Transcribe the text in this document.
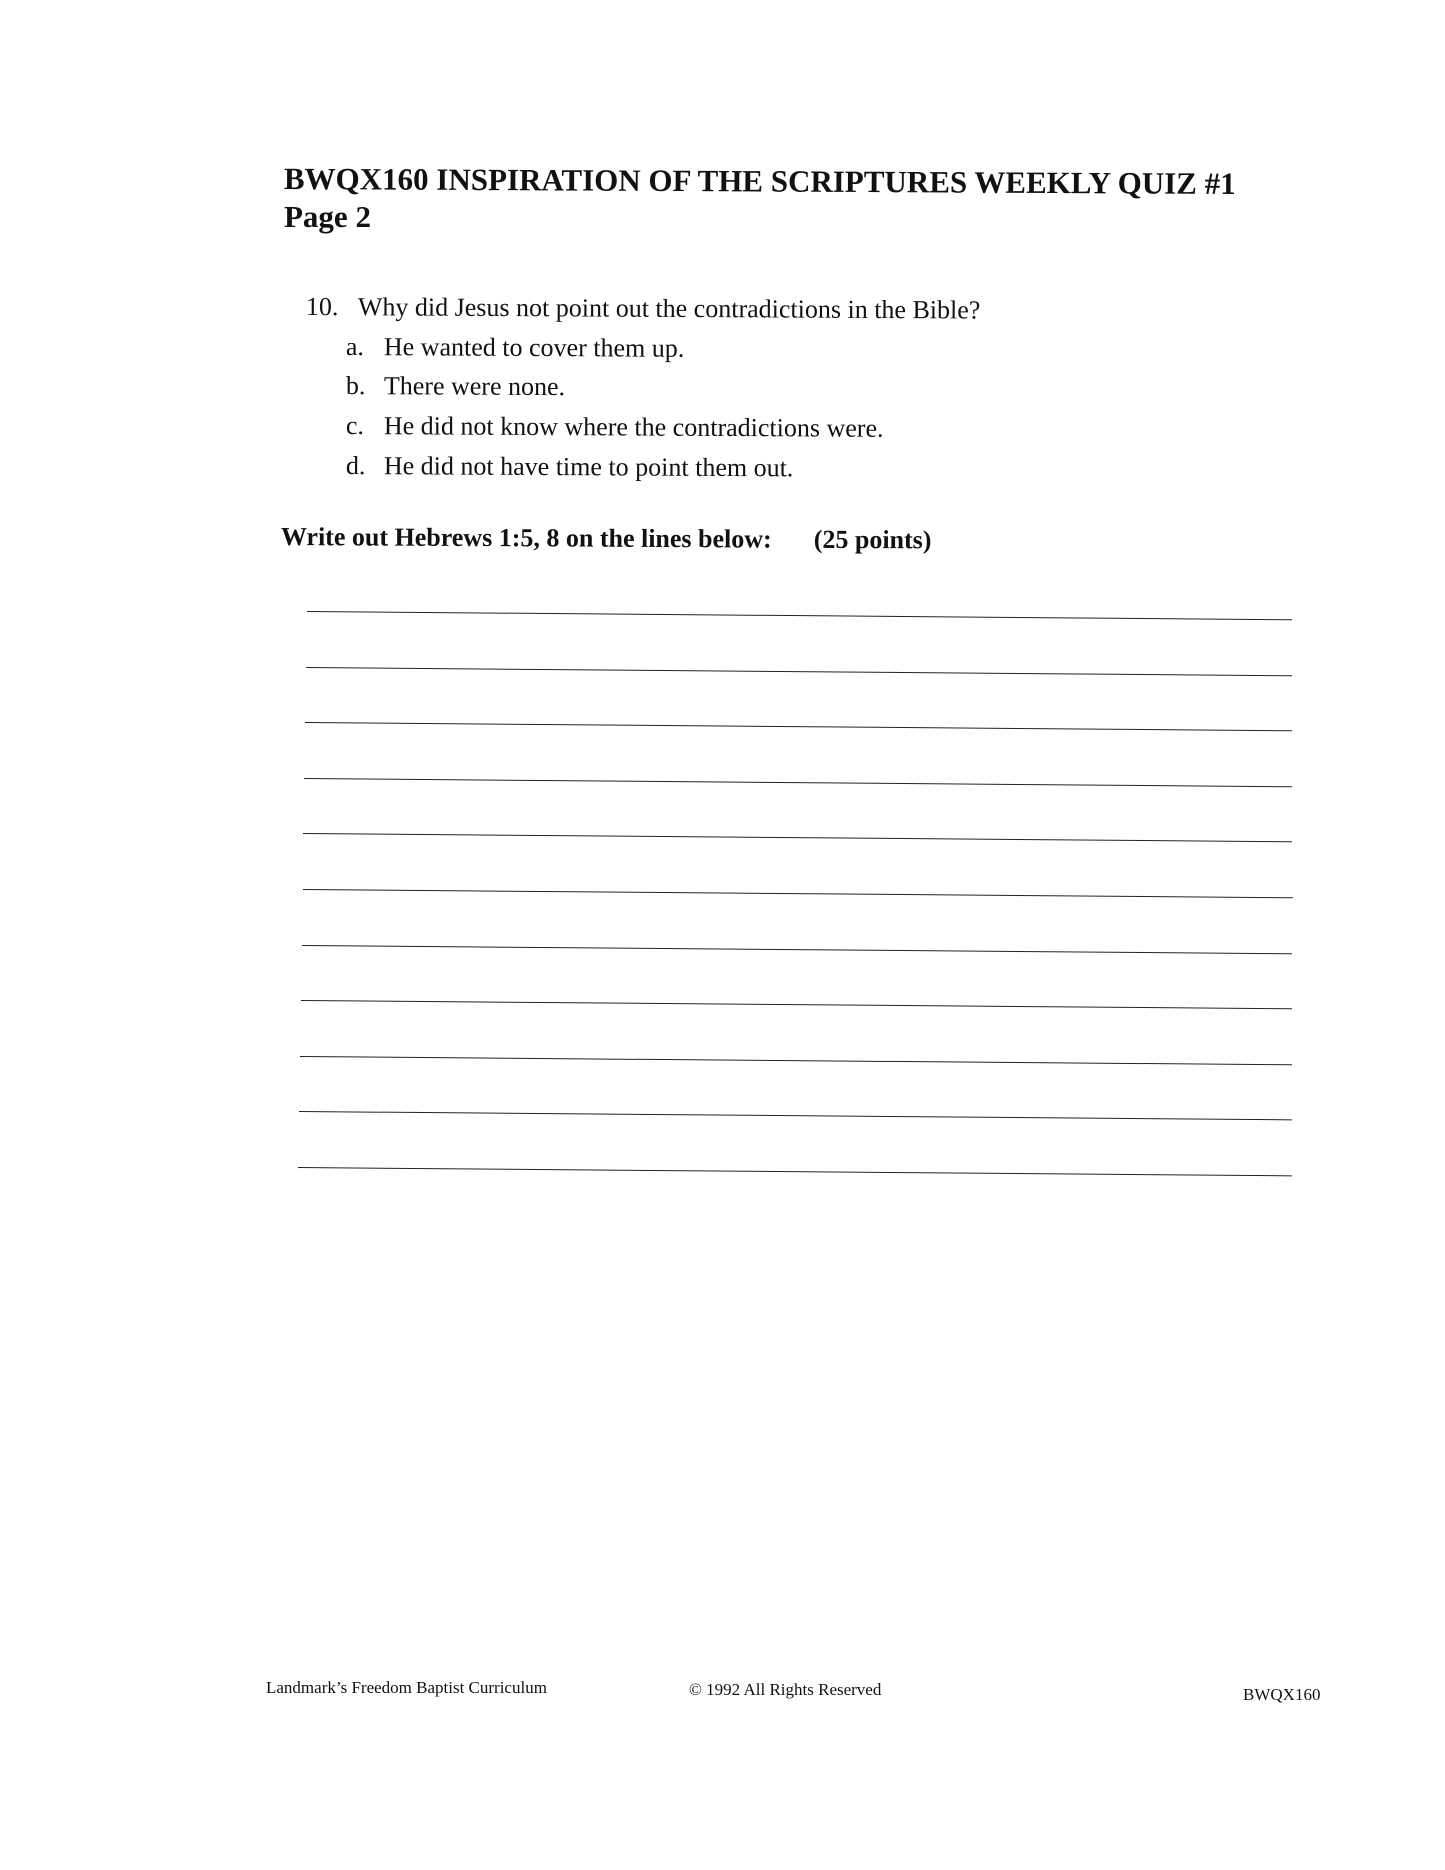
BWQX160 INSPIRATION OF THE SCRIPTURES WEEKLY QUIZ #1
Page 2
10. Why did Jesus not point out the contradictions in the Bible?
a. He wanted to cover them up.
b. There were none.
c. He did not know where the contradictions were.
d. He did not have time to point them out.
Write out Hebrews 1:5, 8 on the lines below: (25 points)
Landmark’s Freedom Baptist Curriculum	© 1992 All Rights Reserved	BWQX160
